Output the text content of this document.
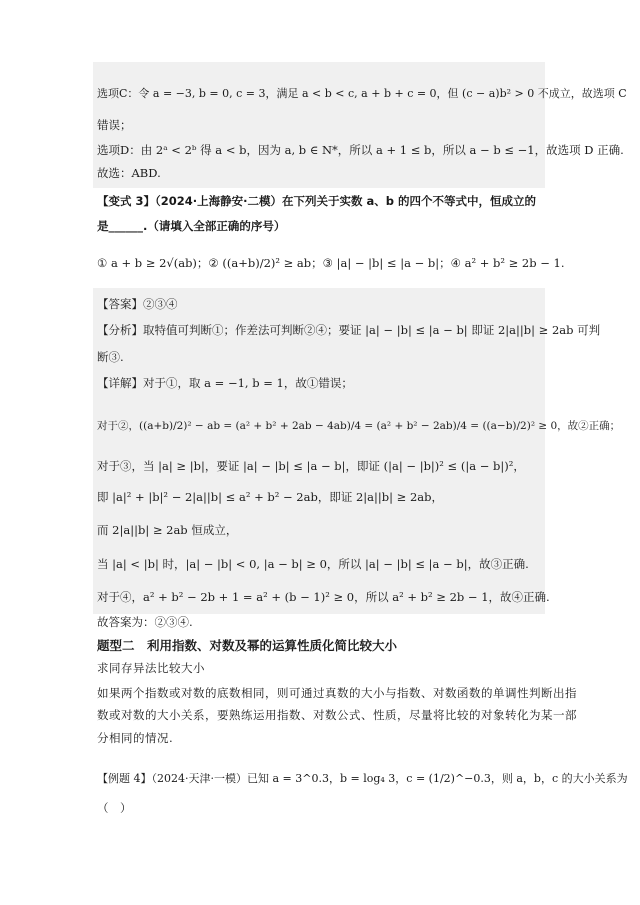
选项C：令 a = −3, b = 0, c = 3，满足 a < b < c, a + b + c = 0，但 (c − a)b² > 0 不成立，故选项 C
错误；
选项D：由 2ᵃ < 2ᵇ 得 a < b，因为 a, b ∈ N*，所以 a + 1 ≤ b，所以 a − b ≤ −1，故选项 D 正确.
故选：ABD.
【变式 3】（2024·上海静安·二模）在下列关于实数 a、b 的四个不等式中，恒成立的
是______.（请填入全部正确的序号）
① a + b ≥ 2√(ab)；② ((a+b)/2)² ≥ ab；③ |a| − |b| ≤ |a − b|；④ a² + b² ≥ 2b − 1.
【答案】②③④
【分析】取特值可判断①；作差法可判断②④；要证 |a| − |b| ≤ |a − b| 即证 2|a||b| ≥ 2ab 可判
断③.
【详解】对于①，取 a = −1, b = 1，故①错误；
对于②，((a+b)/2)² − ab = (a² + b² + 2ab − 4ab)/4 = (a² + b² − 2ab)/4 = ((a−b)/2)² ≥ 0，故②正确；
对于③，当 |a| ≥ |b|，要证 |a| − |b| ≤ |a − b|，即证 (|a| − |b|)² ≤ (|a − b|)²，
即 |a|² + |b|² − 2|a||b| ≤ a² + b² − 2ab，即证 2|a||b| ≥ 2ab，
而 2|a||b| ≥ 2ab 恒成立，
当 |a| < |b| 时，|a| − |b| < 0, |a − b| ≥ 0，所以 |a| − |b| ≤ |a − b|，故③正确.
对于④，a² + b² − 2b + 1 = a² + (b − 1)² ≥ 0，所以 a² + b² ≥ 2b − 1，故④正确.
故答案为：②③④.
题型二　利用指数、对数及幂的运算性质化简比较大小
求同存异法比较大小
如果两个指数或对数的底数相同，则可通过真数的大小与指数、对数函数的单调性判断出指
数或对数的大小关系，要熟练运用指数、对数公式、性质，尽量将比较的对象转化为某一部
分相同的情况.
【例题 4】（2024·天津·一模）已知 a = 3^0.3，b = log₄ 3，c = (1/2)^−0.3，则 a，b，c 的大小关系为
（　）
